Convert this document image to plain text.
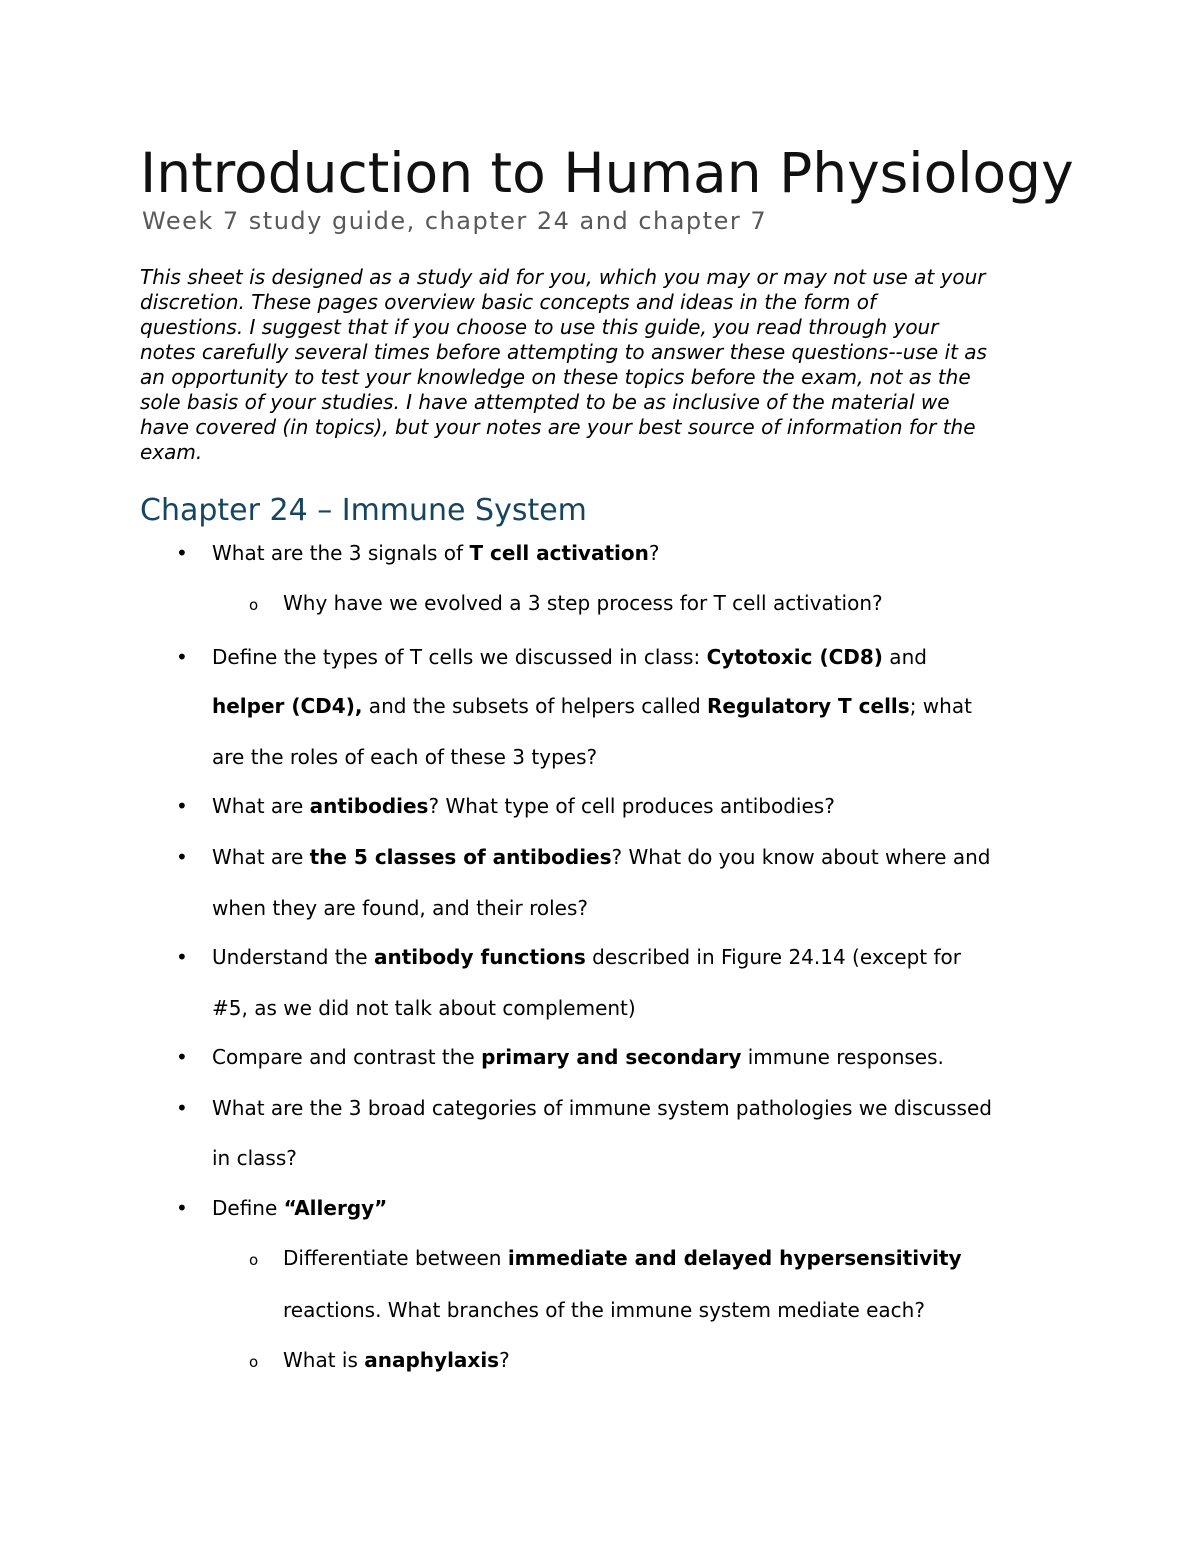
Introduction to Human Physiology
Week 7 study guide, chapter 24 and chapter 7

This sheet is designed as a study aid for you, which you may or may not use at your
discretion. These pages overview basic concepts and ideas in the form of
questions. I suggest that if you choose to use this guide, you read through your
notes carefully several times before attempting to answer these questions--use it as
an opportunity to test your knowledge on these topics before the exam, not as the
sole basis of your studies. I have attempted to be as inclusive of the material we
have covered (in topics), but your notes are your best source of information for the
exam.

Chapter 24 – Immune System
• What are the 3 signals of T cell activation?
o Why have we evolved a 3 step process for T cell activation?
• Define the types of T cells we discussed in class: Cytotoxic (CD8) and
helper (CD4), and the subsets of helpers called Regulatory T cells; what
are the roles of each of these 3 types?
• What are antibodies? What type of cell produces antibodies?
• What are the 5 classes of antibodies? What do you know about where and
when they are found, and their roles?
• Understand the antibody functions described in Figure 24.14 (except for
#5, as we did not talk about complement)
• Compare and contrast the primary and secondary immune responses.
• What are the 3 broad categories of immune system pathologies we discussed
in class?
• Define “Allergy”
o Differentiate between immediate and delayed hypersensitivity
reactions. What branches of the immune system mediate each?
o What is anaphylaxis?
